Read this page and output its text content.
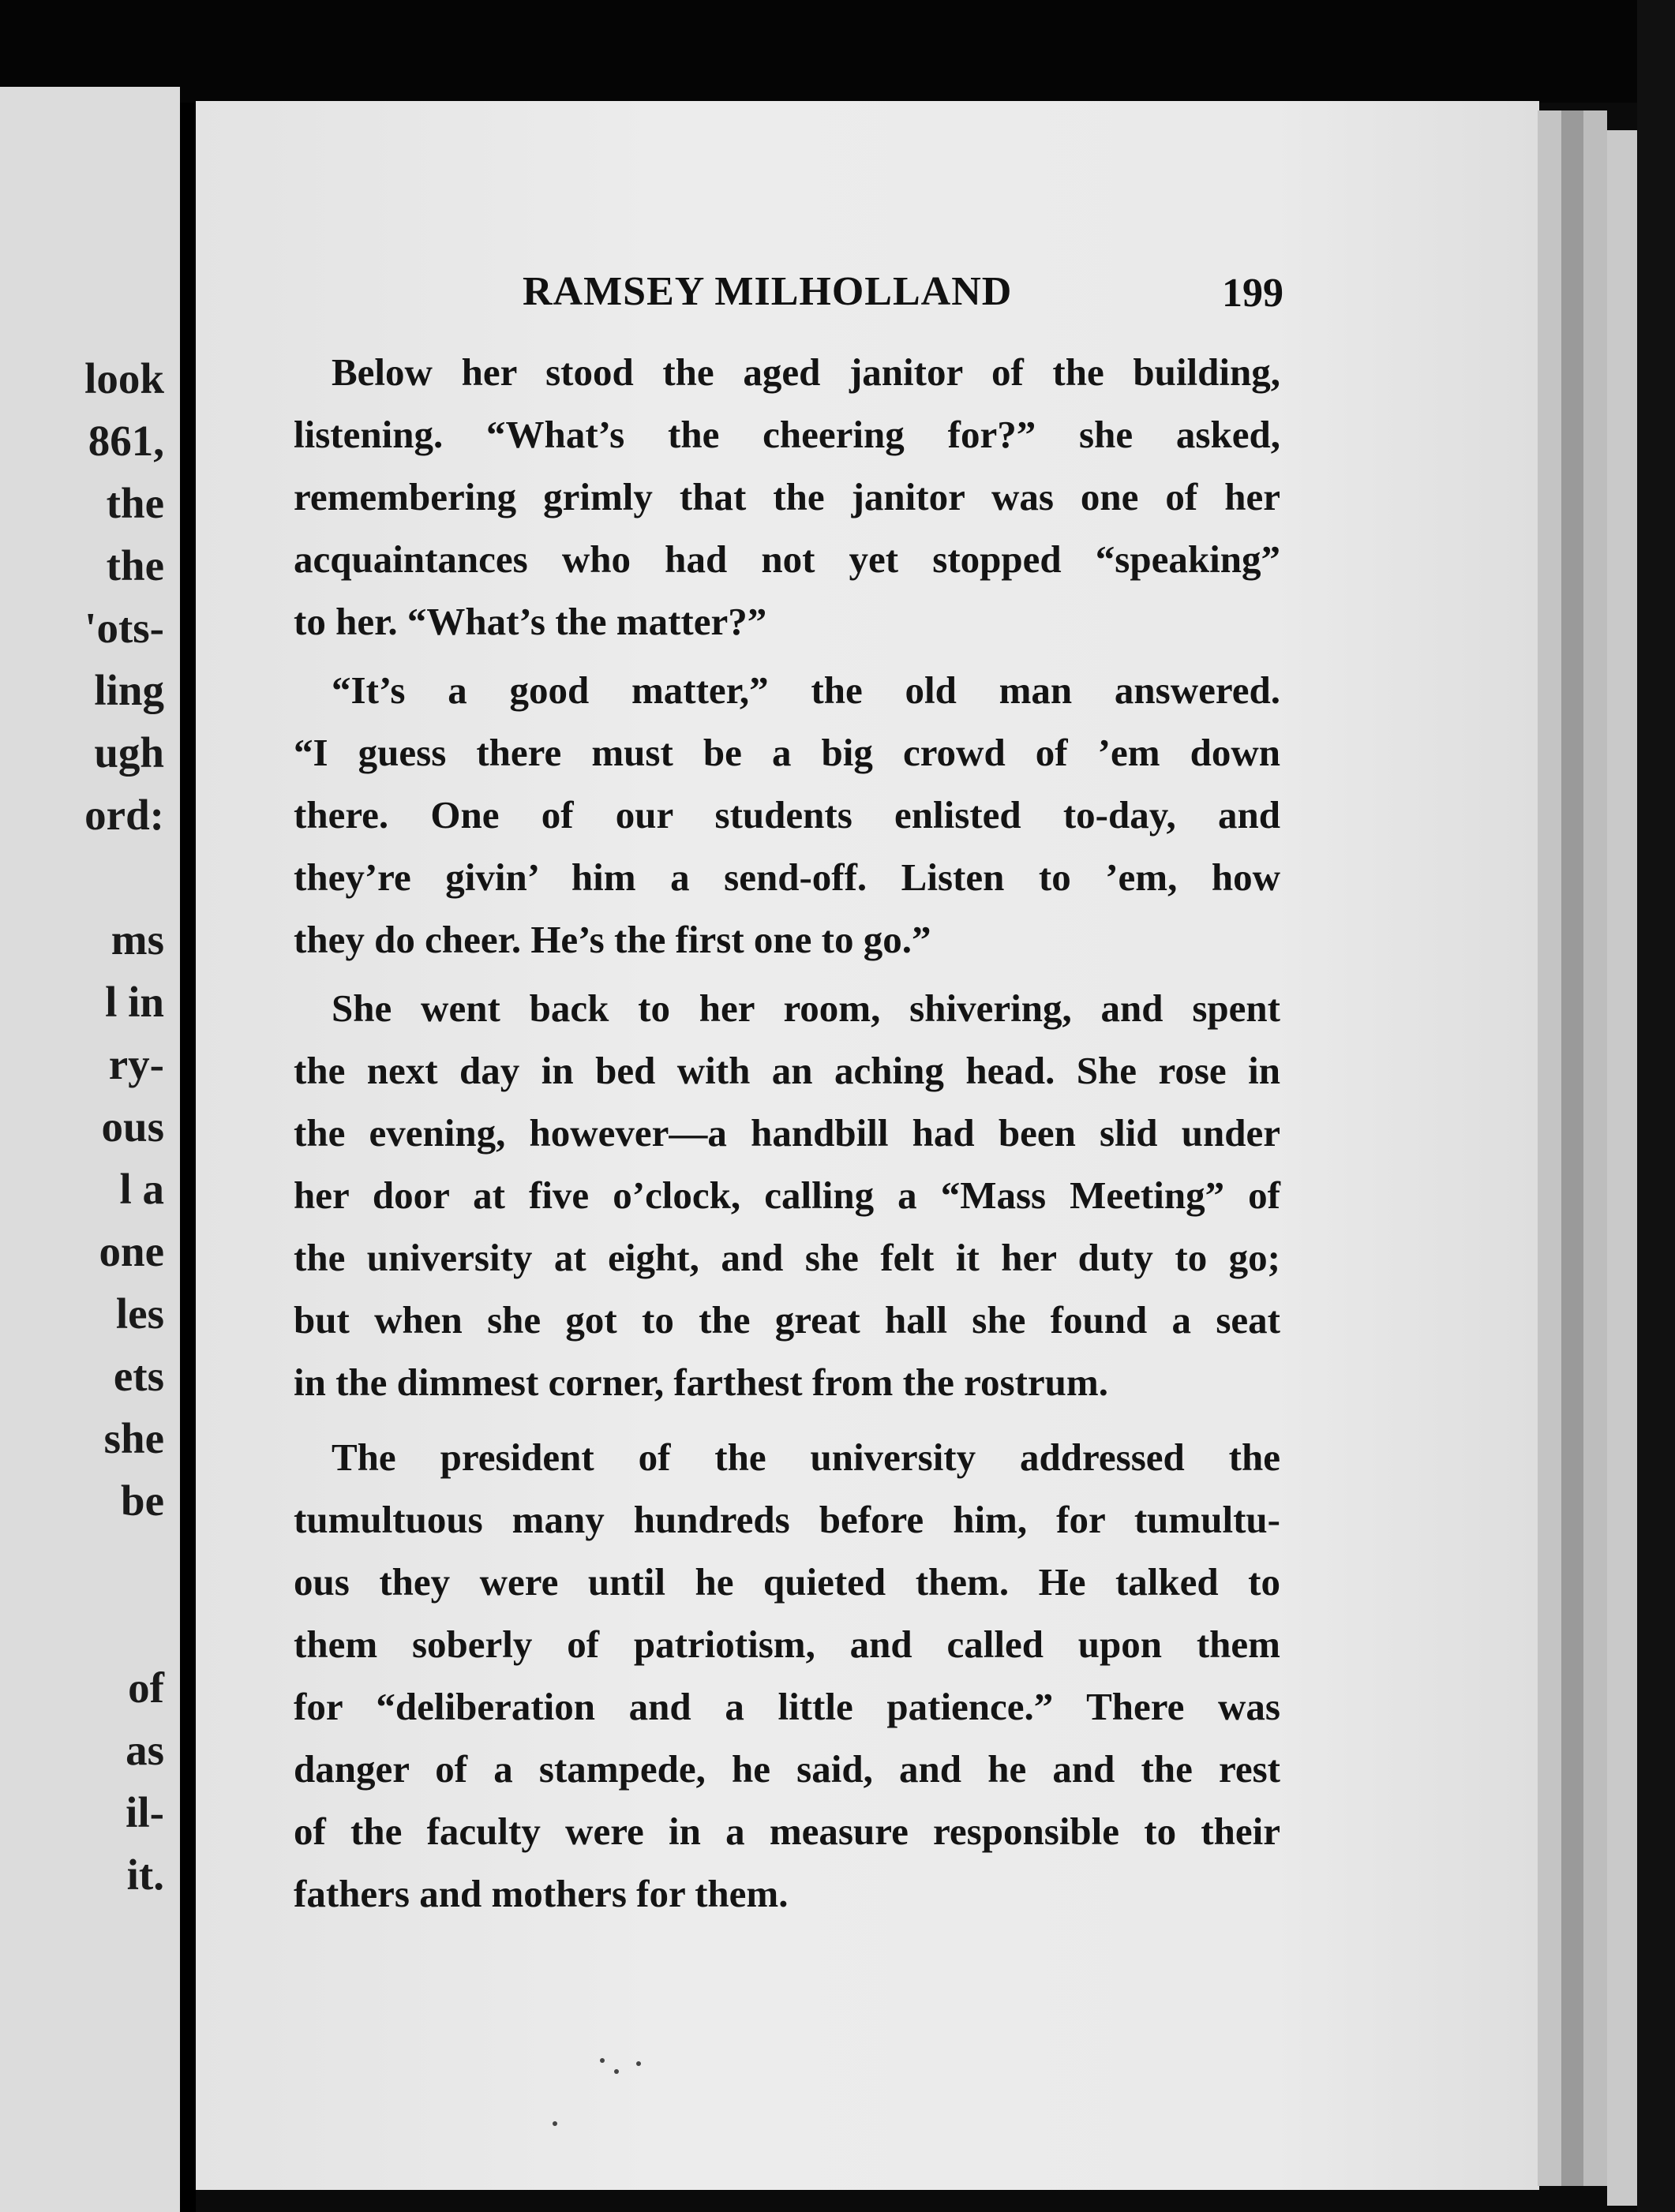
look
861,
the
the
'ots-
ling
ugh
ord:
ms
l in
ry-
ous
l a
one
les
ets
she
be
of
as
il-
it.
RAMSEY MILHOLLAND	199
Below her stood the aged janitor of the building,
listening. “What’s the cheering for?” she asked,
remembering grimly that the janitor was one of her
acquaintances who had not yet stopped “speaking”
to her. “What’s the matter?”
“It’s a good matter,” the old man answered.
“I guess there must be a big crowd of ’em down
there. One of our students enlisted to-day, and
they’re givin’ him a send-off. Listen to ’em, how
they do cheer. He’s the first one to go.”
She went back to her room, shivering, and spent
the next day in bed with an aching head. She rose in
the evening, however—a handbill had been slid under
her door at five o’clock, calling a “Mass Meeting” of
the university at eight, and she felt it her duty to go;
but when she got to the great hall she found a seat
in the dimmest corner, farthest from the rostrum.
The president of the university addressed the
tumultuous many hundreds before him, for tumultu-
ous they were until he quieted them. He talked to
them soberly of patriotism, and called upon them
for “deliberation and a little patience.” There was
danger of a stampede, he said, and he and the rest
of the faculty were in a measure responsible to their
fathers and mothers for them.
